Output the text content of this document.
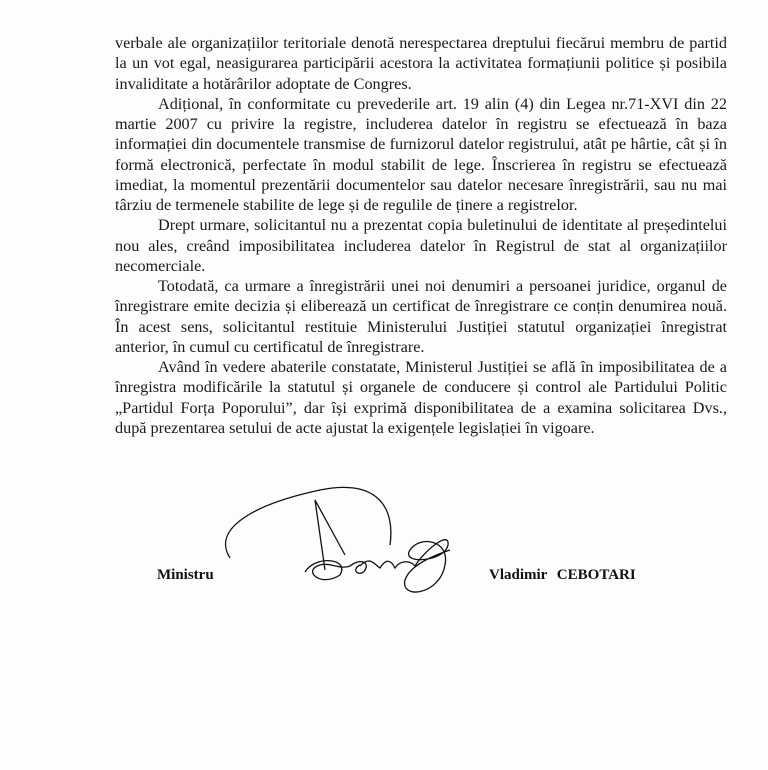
verbale ale organizațiilor teritoriale denotă nerespectarea dreptului fiecărui membru de partid la un vot egal, neasigurarea participării acestora la activitatea formațiunii politice și posibila invaliditate a hotărârilor adoptate de Congres.

Adițional, în conformitate cu prevederile art. 19 alin (4) din Legea nr.71-XVI din 22 martie 2007 cu privire la registre, includerea datelor în registru se efectuează în baza informației din documentele transmise de furnizorul datelor registrului, atât pe hârtie, cât și în formă electronică, perfectate în modul stabilit de lege. Înscrierea în registru se efectuează imediat, la momentul prezentării documentelor sau datelor necesare înregistrării, sau nu mai târziu de termenele stabilite de lege și de regulile de ținere a registrelor.

Drept urmare, solicitantul nu a prezentat copia buletinului de identitate al președintelui nou ales, creând imposibilitatea includerea datelor în Registrul de stat al organizațiilor necomerciale.

Totodată, ca urmare a înregistrării unei noi denumiri a persoanei juridice, organul de înregistrare emite decizia și eliberează un certificat de înregistrare ce conțin denumirea nouă. În acest sens, solicitantul restituie Ministerului Justiției statutul organizației înregistrat anterior, în cumul cu certificatul de înregistrare.

Având în vedere abaterile constatate, Ministerul Justiției se află în imposibilitatea de a înregistra modificările la statutul și organele de conducere și control ale Partidului Politic „Partidul Forța Poporului”, dar își exprimă disponibilitatea de a examina solicitarea Dvs., după prezentarea setului de acte ajustat la exigențele legislației în vigoare.

Ministru	Vladimir CEBOTARI
